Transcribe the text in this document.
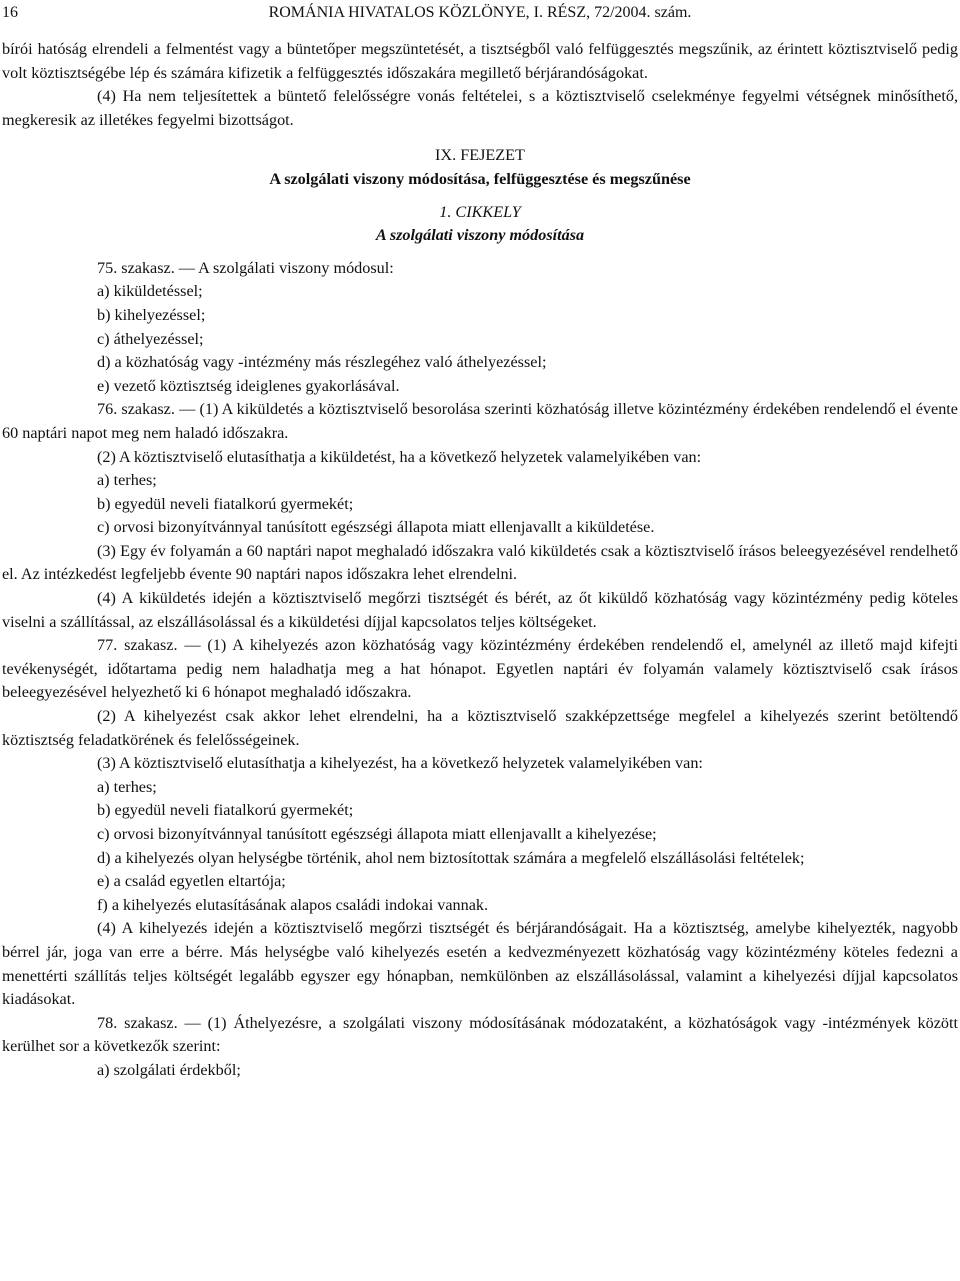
16	ROMÁNIA HIVATALOS KÖZLÖNYE, I. RÉSZ, 72/2004. szám.

bírói hatóság elrendeli a felmentést vagy a büntetőper megszüntetését, a tisztségből való felfüggesztés megszűnik, az érintett köztisztviselő pedig volt köztisztségébe lép és számára kifizetik a felfüggesztés időszakára megillető bérjárandóságokat.

(4) Ha nem teljesítettek a büntető felelősségre vonás feltételei, s a köztisztviselő cselekménye fegyelmi vétségnek minősíthető, megkeresik az illetékes fegyelmi bizottságot.

IX. FEJEZET

A szolgálati viszony módosítása, felfüggesztése és megszűnése

1. CIKKELY

A szolgálati viszony módosítása

75. szakasz. — A szolgálati viszony módosul:

a) kiküldetéssel;

b) kihelyezéssel;

c) áthelyezéssel;

d) a közhatóság vagy -intézmény más részlegéhez való áthelyezéssel;

e) vezető köztisztség ideiglenes gyakorlásával.

76. szakasz. — (1) A kiküldetés a köztisztviselő besorolása szerinti közhatóság illetve közintézmény érdekében rendelendő el évente 60 naptári napot meg nem haladó időszakra.

(2) A köztisztviselő elutasíthatja a kiküldetést, ha a következő helyzetek valamelyikében van:

a) terhes;

b) egyedül neveli fiatalkorú gyermekét;

c) orvosi bizonyítvánnyal tanúsított egészségi állapota miatt ellenjavallt a kiküldetése.

(3) Egy év folyamán a 60 naptári napot meghaladó időszakra való kiküldetés csak a köztisztviselő írásos beleegyezésével rendelhető el. Az intézkedést legfeljebb évente 90 naptári napos időszakra lehet elrendelni.

(4) A kiküldetés idején a köztisztviselő megőrzi tisztségét és bérét, az őt kiküldő közhatóság vagy közintézmény pedig köteles viselni a szállítással, az elszállásolással és a kiküldetési díjjal kapcsolatos teljes költségeket.

77. szakasz. — (1) A kihelyezés azon közhatóság vagy közintézmény érdekében rendelendő el, amelynél az illető majd kifejti tevékenységét, időtartama pedig nem haladhatja meg a hat hónapot. Egyetlen naptári év folyamán valamely köztisztviselő csak írásos beleegyezésével helyezhető ki 6 hónapot meghaladó időszakra.

(2) A kihelyezést csak akkor lehet elrendelni, ha a köztisztviselő szakképzettsége megfelel a kihelyezés szerint betöltendő köztisztség feladatkörének és felelősségeinek.

(3) A köztisztviselő elutasíthatja a kihelyezést, ha a következő helyzetek valamelyikében van:

a) terhes;

b) egyedül neveli fiatalkorú gyermekét;

c) orvosi bizonyítvánnyal tanúsított egészségi állapota miatt ellenjavallt a kihelyezése;

d) a kihelyezés olyan helységbe történik, ahol nem biztosítottak számára a megfelelő elszállásolási feltételek;

e) a család egyetlen eltartója;

f) a kihelyezés elutasításának alapos családi indokai vannak.

(4) A kihelyezés idején a köztisztviselő megőrzi tisztségét és bérjárandóságait. Ha a köztisztség, amelybe kihelyezték, nagyobb bérrel jár, joga van erre a bérre. Más helységbe való kihelyezés esetén a kedvezményezett közhatóság vagy közintézmény köteles fedezni a menettérti szállítás teljes költségét legalább egyszer egy hónapban, nemkülönben az elszállásolással, valamint a kihelyezési díjjal kapcsolatos kiadásokat.

78. szakasz. — (1) Áthelyezésre, a szolgálati viszony módosításának módozataként, a közhatóságok vagy -intézmények között kerülhet sor a következők szerint:

a) szolgálati érdekből;
